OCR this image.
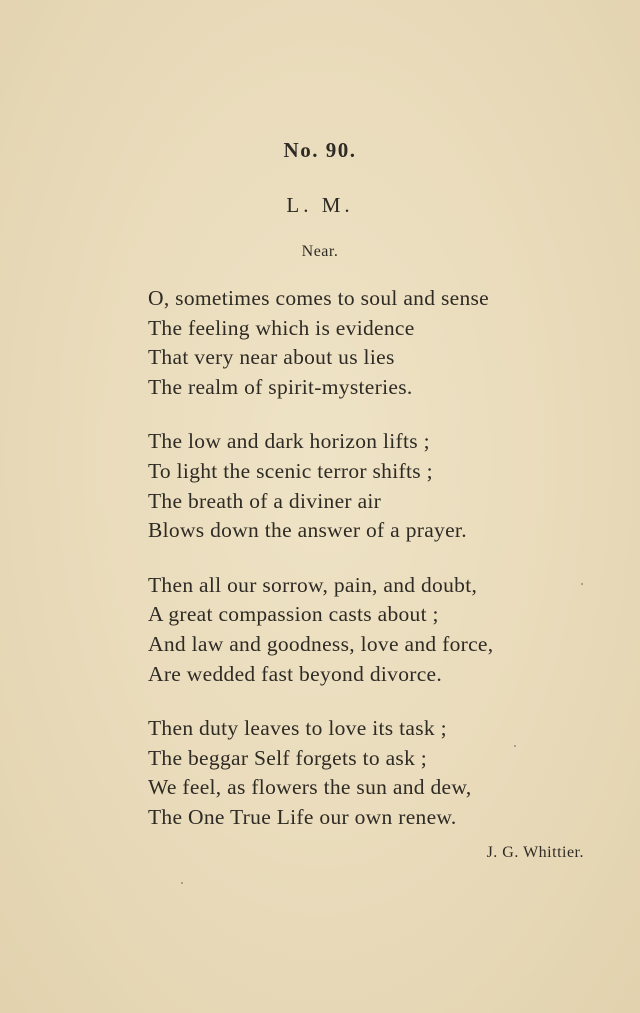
No. 90.
L. M.
Near.
O, sometimes comes to soul and sense
The feeling which is evidence
That very near about us lies
The realm of spirit-mysteries.
The low and dark horizon lifts ;
To light the scenic terror shifts ;
The breath of a diviner air
Blows down the answer of a prayer.
Then all our sorrow, pain, and doubt,
A great compassion casts about ;
And law and goodness, love and force,
Are wedded fast beyond divorce.
Then duty leaves to love its task ;
The beggar Self forgets to ask ;
We feel, as flowers the sun and dew,
The One True Life our own renew.
J. G. Whittier.
